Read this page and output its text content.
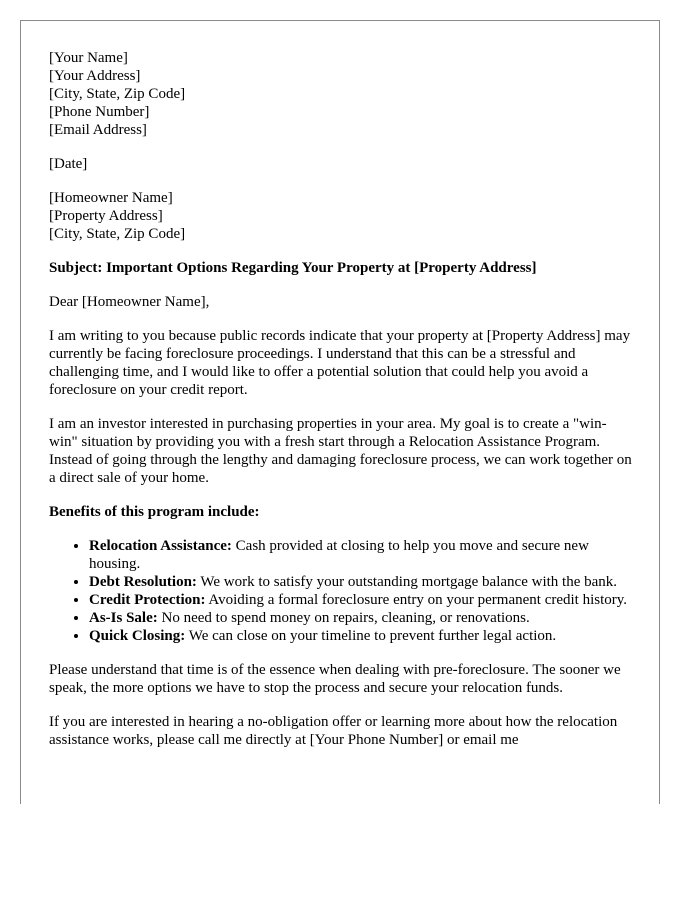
[Your Name]
[Your Address]
[City, State, Zip Code]
[Phone Number]
[Email Address]
[Date]
[Homeowner Name]
[Property Address]
[City, State, Zip Code]

Subject: Important Options Regarding Your Property at [Property Address]

Dear [Homeowner Name],

I am writing to you because public records indicate that your property at [Property Address] may currently be facing foreclosure proceedings. I understand that this can be a stressful and challenging time, and I would like to offer a potential solution that could help you avoid a foreclosure on your credit report.

I am an investor interested in purchasing properties in your area. My goal is to create a "win-win" situation by providing you with a fresh start through a Relocation Assistance Program. Instead of going through the lengthy and damaging foreclosure process, we can work together on a direct sale of your home.

Benefits of this program include:

• Relocation Assistance: Cash provided at closing to help you move and secure new housing.
• Debt Resolution: We work to satisfy your outstanding mortgage balance with the bank.
• Credit Protection: Avoiding a formal foreclosure entry on your permanent credit history.
• As-Is Sale: No need to spend money on repairs, cleaning, or renovations.
• Quick Closing: We can close on your timeline to prevent further legal action.

Please understand that time is of the essence when dealing with pre-foreclosure. The sooner we speak, the more options we have to stop the process and secure your relocation funds.

If you are interested in hearing a no-obligation offer or learning more about how the relocation assistance works, please call me directly at [Your Phone Number] or email me
